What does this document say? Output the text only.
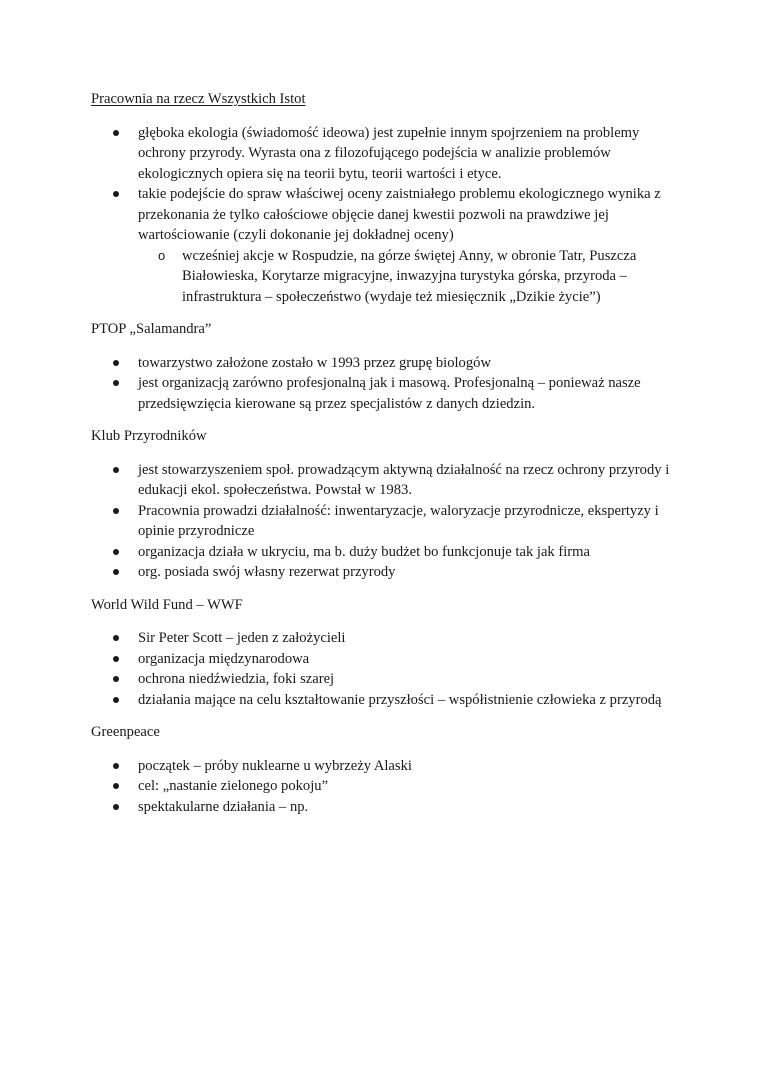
Pracownia na rzecz Wszystkich Istot

głęboka ekologia (świadomość ideowa) jest zupełnie innym spojrzeniem na problemy ochrony przyrody. Wyrasta ona z filozofującego podejścia w analizie problemów ekologicznych opiera się na teorii bytu, teorii wartości i etyce.
takie podejście do spraw właściwej oceny zaistniałego problemu ekologicznego wynika z przekonania że tylko całościowe objęcie danej kwestii pozwoli na prawdziwe jej wartościowanie (czyli dokonanie jej dokładnej oceny)
o wcześniej akcje w Rospudzie, na górze świętej Anny, w obronie Tatr, Puszcza Białowieska, Korytarze migracyjne, inwazyjna turystyka górska, przyroda – infrastruktura – społeczeństwo (wydaje też miesięcznik „Dzikie życie”)

PTOP „Salamandra”

towarzystwo założone zostało w 1993 przez grupę biologów
jest organizacją zarówno profesjonalną jak i masową. Profesjonalną – ponieważ nasze przedsięwzięcia kierowane są przez specjalistów z danych dziedzin.

Klub Przyrodników

jest stowarzyszeniem społ. prowadzącym aktywną działalność na rzecz ochrony przyrody i edukacji ekol. społeczeństwa. Powstał w 1983.
Pracownia prowadzi działalność: inwentaryzacje, waloryzacje przyrodnicze, ekspertyzy i opinie przyrodnicze
organizacja działa w ukryciu, ma b. duży budżet bo funkcjonuje tak jak firma
org. posiada swój własny rezerwat przyrody

World Wild Fund – WWF

Sir Peter Scott – jeden z założycieli
organizacja międzynarodowa
ochrona niedźwiedzia, foki szarej
działania mające na celu kształtowanie przyszłości – współistnienie człowieka z przyrodą

Greenpeace

początek – próby nuklearne u wybrzeży Alaski
cel: „nastanie zielonego pokoju”
spektakularne działania – np.
